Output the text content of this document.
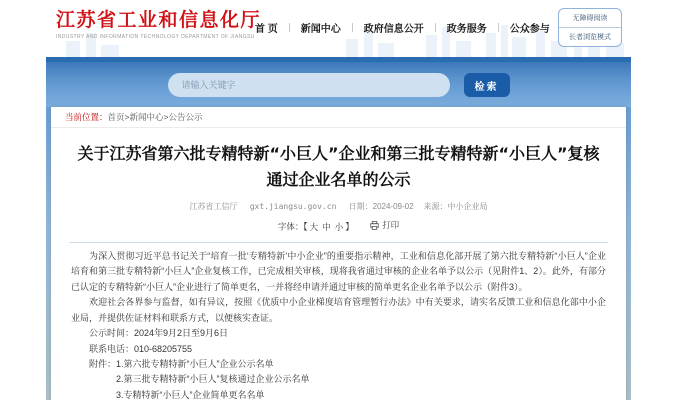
江苏省工业和信息化厅
INDUSTRY AND INFORMATION TECHNOLOGY DEPARTMENT OF JIANGSU
首 页	新闻中心	政府信息公开	政务服务	公众参与
无障碍阅读
长者浏览模式
请输入关键字
检索
当前位置： 首页>新闻中心>公告公示
关于江苏省第六批专精特新“小巨人”企业和第三批专精特新“小巨人”复核通过企业名单的公示
江苏省工信厅 gxt.jiangsu.gov.cn 日期：2024-09-02 来源：中小企业局
字体：【 大 中 小 】	打印

为深入贯彻习近平总书记关于“培育一批‘专精特新’中小企业”的重要指示精神，工业和信息化部开展了第六批专精特新“小巨人”企业培育和第三批专精特新“小巨人”企业复核工作，已完成相关审核，现将我省通过审核的企业名单予以公示（见附件1、2）。此外，有部分已认定的专精特新“小巨人”企业进行了简单更名，一并将经申请并通过审核的简单更名企业名单予以公示（附件3）。

欢迎社会各界参与监督，如有异议，按照《优质中小企业梯度培育管理暂行办法》中有关要求，请实名反馈工业和信息化部中小企业局，并提供佐证材料和联系方式，以便核实查证。

公示时间：2024年9月2日至9月6日

联系电话：010-68205755

附件：1.第六批专精特新“小巨人”企业公示名单

2.第三批专精特新“小巨人”复核通过企业公示名单

3.专精特新“小巨人”企业简单更名名单
